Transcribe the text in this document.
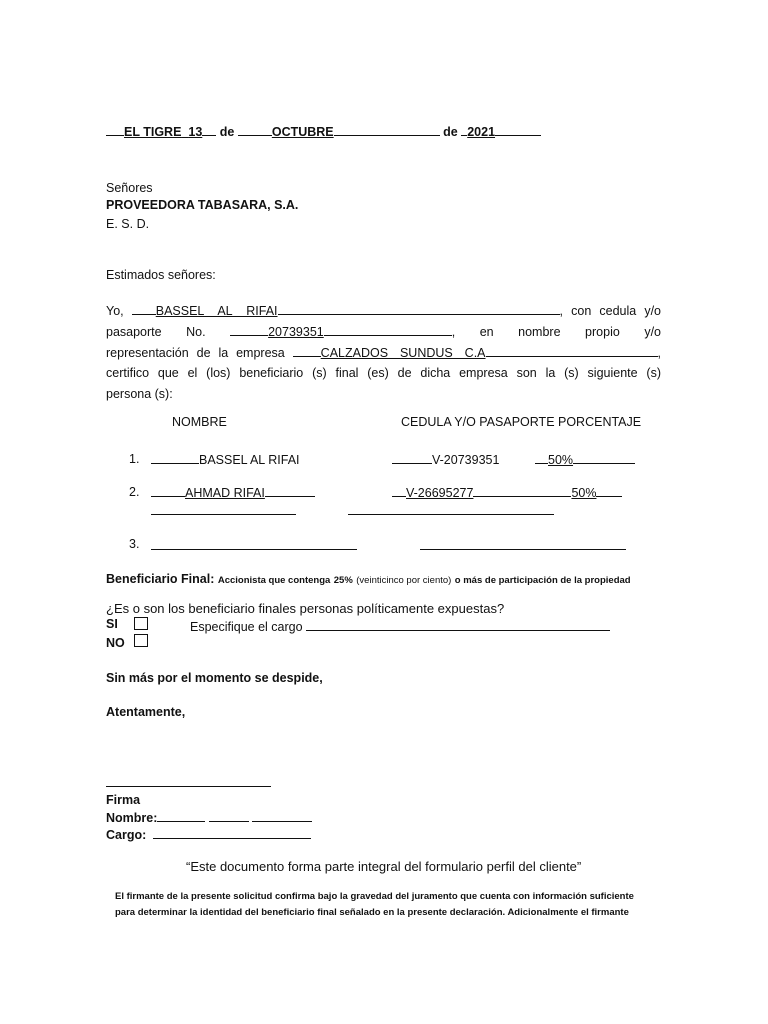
EL TIGRE_13 de	OCTUBRE	de 2021
Señores
PROVEEDORA TABASARA, S.A.
E. S. D.
Estimados señores:
Yo,	BASSEL AL RIFAI	, con cedula y/o
pasaporte No.	20739351	, en nombre propio y/o
representación de la empresa	CALZADOS SUNDUS C.A	,
certifico que el (los) beneficiario (s) final (es) de dicha empresa son la (s) siguiente (s)
persona (s):
NOMBRE	CEDULA Y/O PASAPORTE PORCENTAJE
1.	BASSEL AL RIFAI	V-20739351	50%
2.	AHMAD RIFAI	V-26695277	50%
3.
Beneficiario Final: Accionista que contenga 25% (veinticinco por ciento) o más de participación de la propiedad
¿Es o son los beneficiario finales personas políticamente expuestas?
SI	Especifique el cargo
NO
Sin más por el momento se despide,
Atentamente,
Firma
Nombre:
Cargo:
“Este documento forma parte integral del formulario perfil del cliente”
El firmante de la presente solicitud confirma bajo la gravedad del juramento que cuenta con información suficiente
para determinar la identidad del beneficiario final señalado en la presente declaración. Adicionalmente el firmante
